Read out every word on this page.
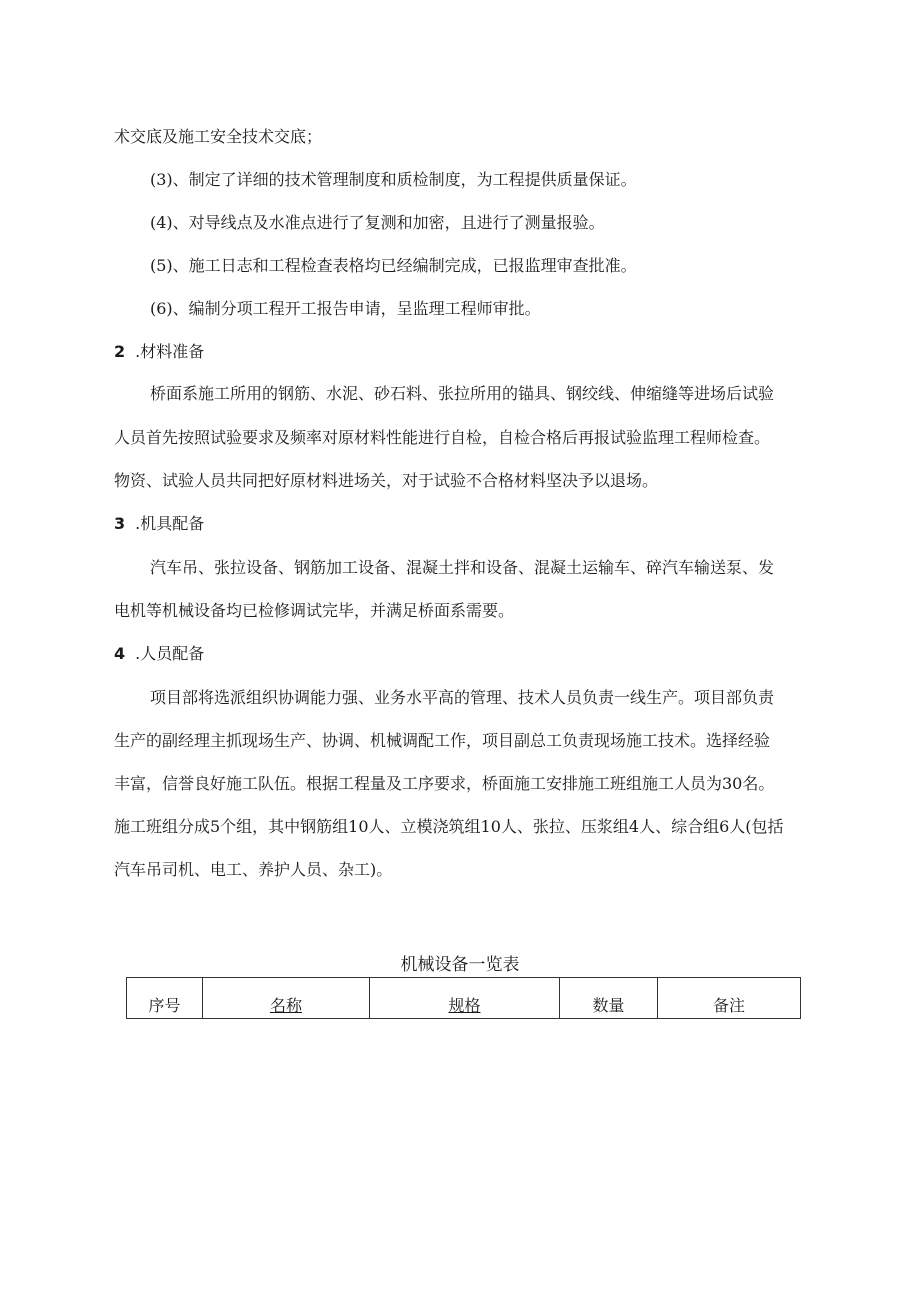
术交底及施工安全技术交底；

(3)、制定了详细的技术管理制度和质检制度，为工程提供质量保证。

(4)、对导线点及水准点进行了复测和加密，且进行了测量报验。

(5)、施工日志和工程检查表格均已经编制完成，已报监理审查批准。

(6)、编制分项工程开工报告申请，呈监理工程师审批。

2 .材料准备

桥面系施工所用的钢筋、水泥、砂石料、张拉所用的锚具、钢绞线、伸缩缝等进场后试验

人员首先按照试验要求及频率对原材料性能进行自检，自检合格后再报试验监理工程师检查。

物资、试验人员共同把好原材料进场关，对于试验不合格材料坚决予以退场。

3 .机具配备

汽车吊、张拉设备、钢筋加工设备、混凝土拌和设备、混凝土运输车、碎汽车输送泵、发

电机等机械设备均已检修调试完毕，并满足桥面系需要。

4 .人员配备

项目部将选派组织协调能力强、业务水平高的管理、技术人员负责一线生产。项目部负责

生产的副经理主抓现场生产、协调、机械调配工作，项目副总工负责现场施工技术。选择经验

丰富，信誉良好施工队伍。根据工程量及工序要求，桥面施工安排施工班组施工人员为30名。

施工班组分成5个组，其中钢筋组10人、立模浇筑组10人、张拉、压浆组4人、综合组6人(包括

汽车吊司机、电工、养护人员、杂工)。

机械设备一览表
序号	名称	规格	数量	备注
